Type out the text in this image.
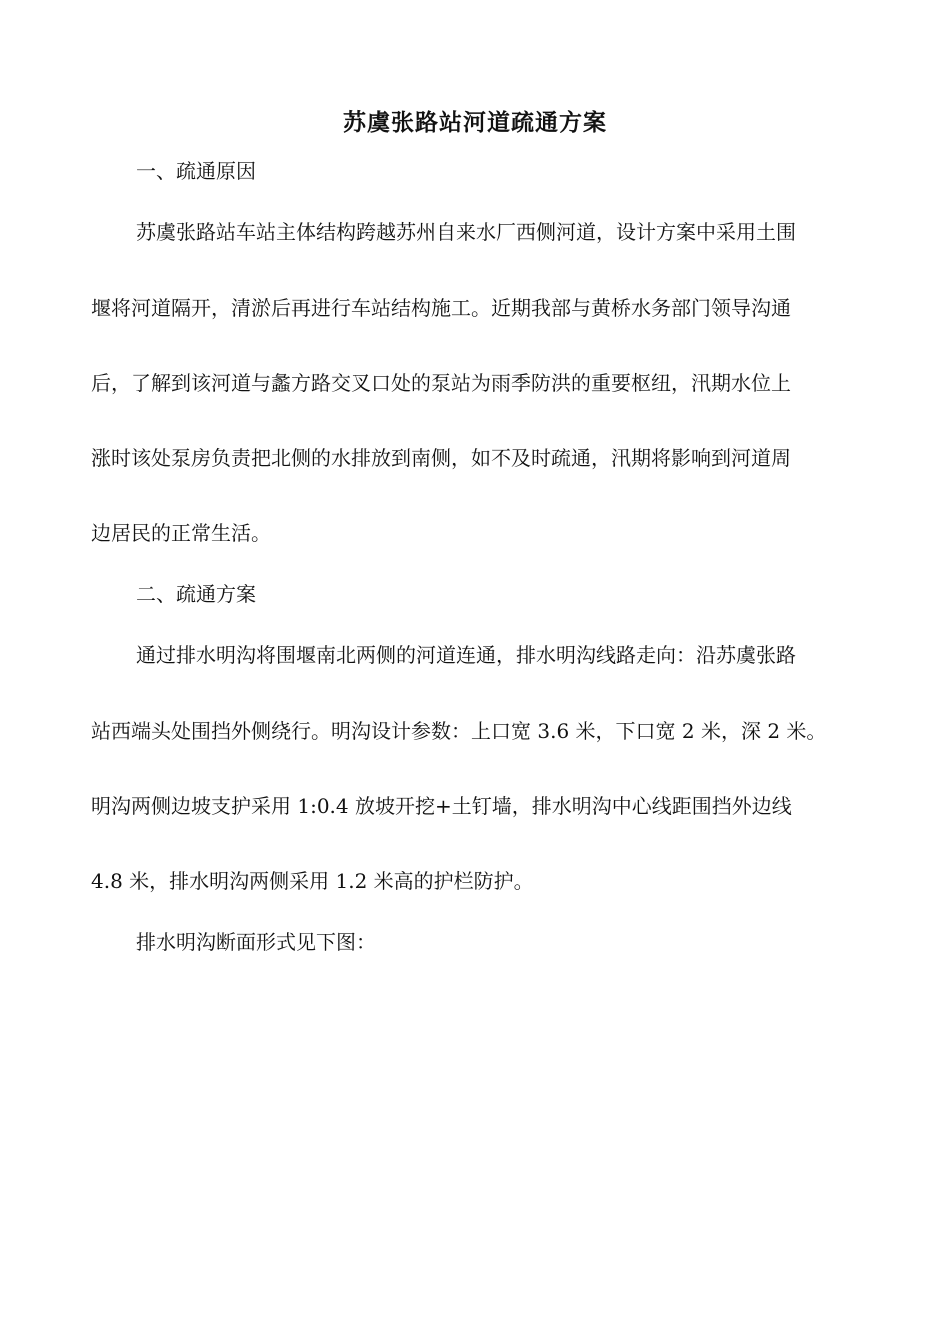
苏虞张路站河道疏通方案

一、疏通原因

苏虞张路站车站主体结构跨越苏州自来水厂西侧河道，设计方案中采用土围

堰将河道隔开，清淤后再进行车站结构施工。近期我部与黄桥水务部门领导沟通

后，了解到该河道与蠡方路交叉口处的泵站为雨季防洪的重要枢纽，汛期水位上

涨时该处泵房负责把北侧的水排放到南侧，如不及时疏通，汛期将影响到河道周

边居民的正常生活。

二、疏通方案

通过排水明沟将围堰南北两侧的河道连通，排水明沟线路走向：沿苏虞张路

站西端头处围挡外侧绕行。明沟设计参数：上口宽 3.6 米，下口宽 2 米，深 2 米。

明沟两侧边坡支护采用 1:0.4 放坡开挖+土钉墙，排水明沟中心线距围挡外边线

4.8 米，排水明沟两侧采用 1.2 米高的护栏防护。

排水明沟断面形式见下图：
